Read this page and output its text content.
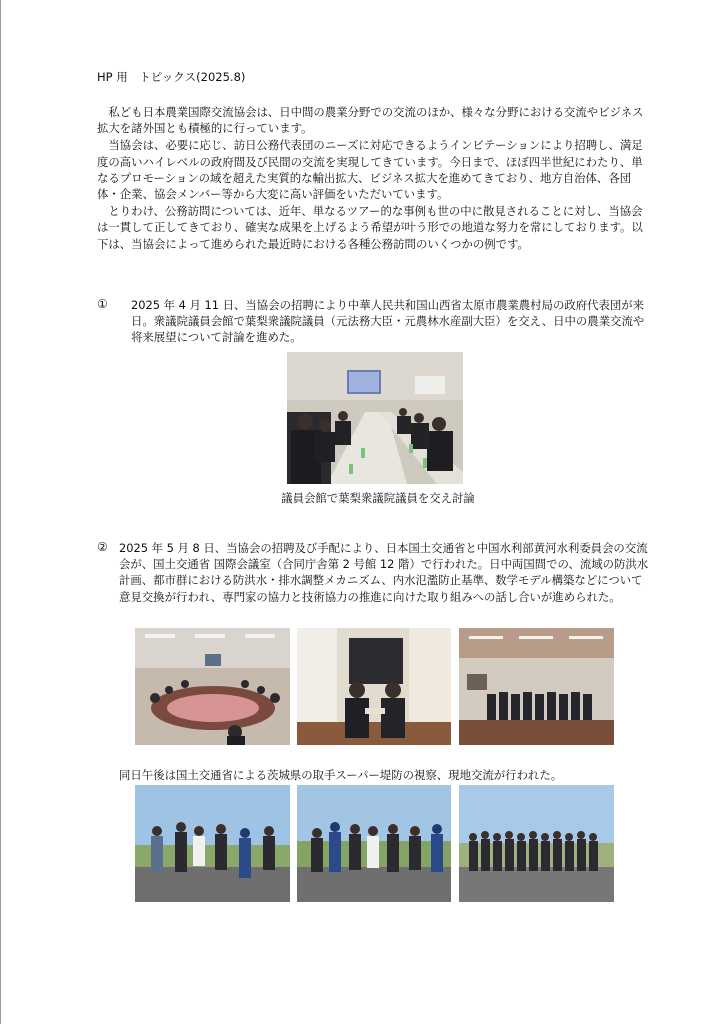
HP 用　トピックス(2025.8)

私ども日本農業国際交流協会は、日中間の農業分野での交流のほか、様々な分野における交流やビジネス拡大を諸外国とも積極的に行っています。

当協会は、必要に応じ、訪日公務代表団のニーズに対応できるようインビテーションにより招聘し、満足度の高いハイレベルの政府間及び民間の交流を実現してきています。今日まで、ほぼ四半世紀にわたり、単なるプロモーションの域を超えた実質的な輸出拡大、ビジネス拡大を進めてきており、地方自治体、各団体・企業、協会メンバー等から大変に高い評価をいただいています。

とりわけ、公務訪問については、近年、単なるツアー的な事例も世の中に散見されることに対し、当協会は一貫して正してきており、確実な成果を上げるよう希望が叶う形での地道な努力を常にしております。以下は、当協会によって進められた最近時における各種公務訪問のいくつかの例です。

① 2025 年 4 月 11 日、当協会の招聘により中華人民共和国山西省太原市農業農村局の政府代表団が来日。衆議院議員会館で葉梨衆議院議員（元法務大臣・元農林水産副大臣）を交え、日中の農業交流や将来展望について討論を進めた。
議員会館で葉梨衆議院議員を交え討論
② 2025 年 5 月 8 日、当協会の招聘及び手配により、日本国土交通省と中国水利部黄河水利委員会の交流会が、国土交通省 国際会議室（合同庁舎第 2 号館 12 階）で行われた。日中両国間での、流域の防洪水計画、都市群における防洪水・排水調整メカニズム、内水氾濫防止基準、数学モデル構築などについて意見交換が行われ、専門家の協力と技術協力の推進に向けた取り組みへの話し合いが進められた。
同日午後は国土交通省による茨城県の取手スーパー堤防の視察、現地交流が行われた。
